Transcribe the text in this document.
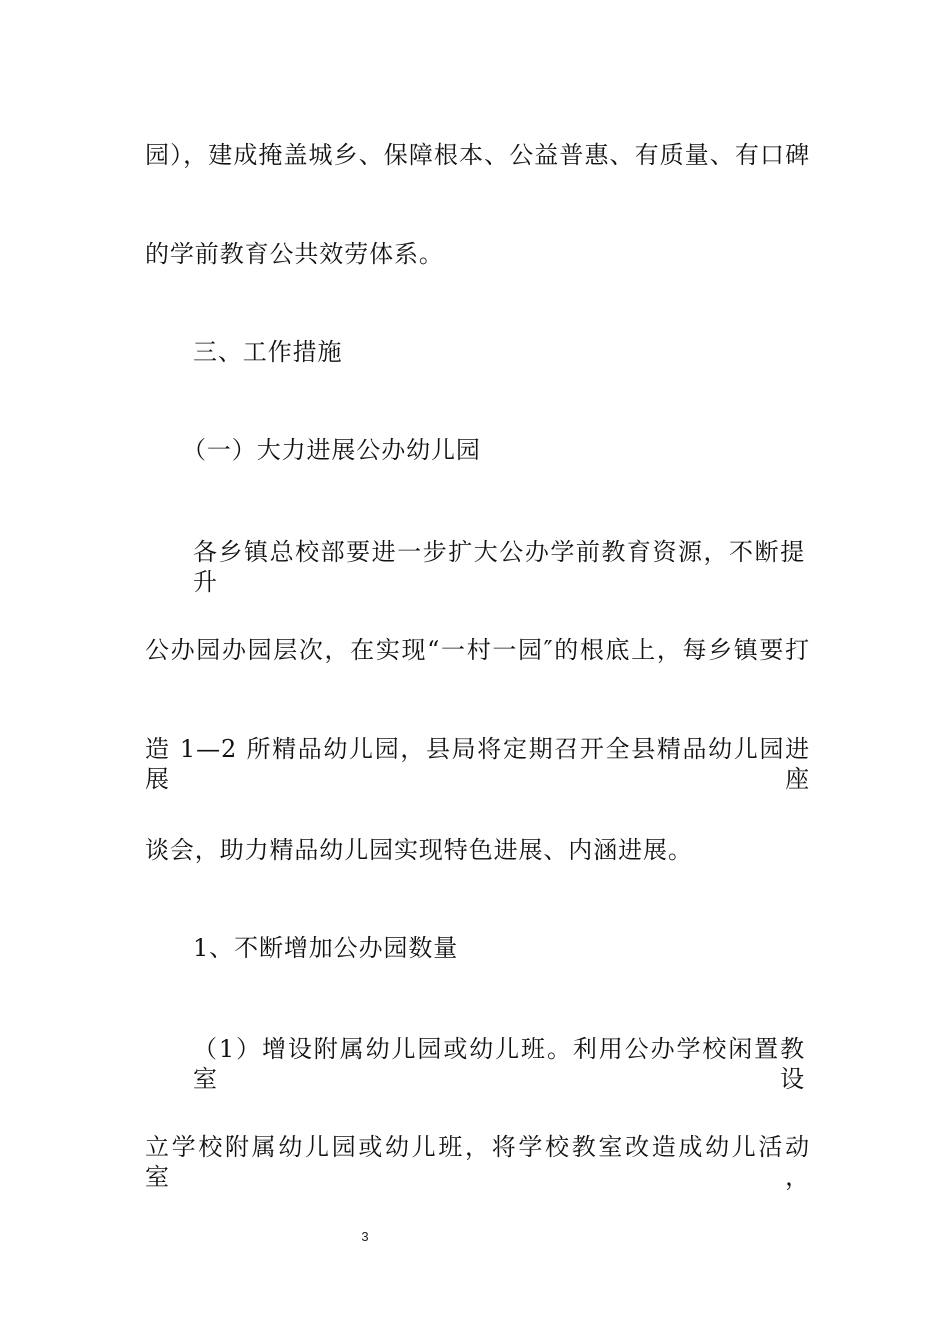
园），建成掩盖城乡、保障根本、公益普惠、有质量、有口碑
的学前教育公共效劳体系。
三、工作措施
（一）大力进展公办幼儿园
各乡镇总校部要进一步扩大公办学前教育资源，不断提升
公办园办园层次，在实现“一村一园″的根底上，每乡镇要打
造 1—2 所精品幼儿园，县局将定期召开全县精品幼儿园进展座
谈会，助力精品幼儿园实现特色进展、内涵进展。
1、不断增加公办园数量
（1）增设附属幼儿园或幼儿班。利用公办学校闲置教室设
立学校附属幼儿园或幼儿班，将学校教室改造成幼儿活动室，
3
